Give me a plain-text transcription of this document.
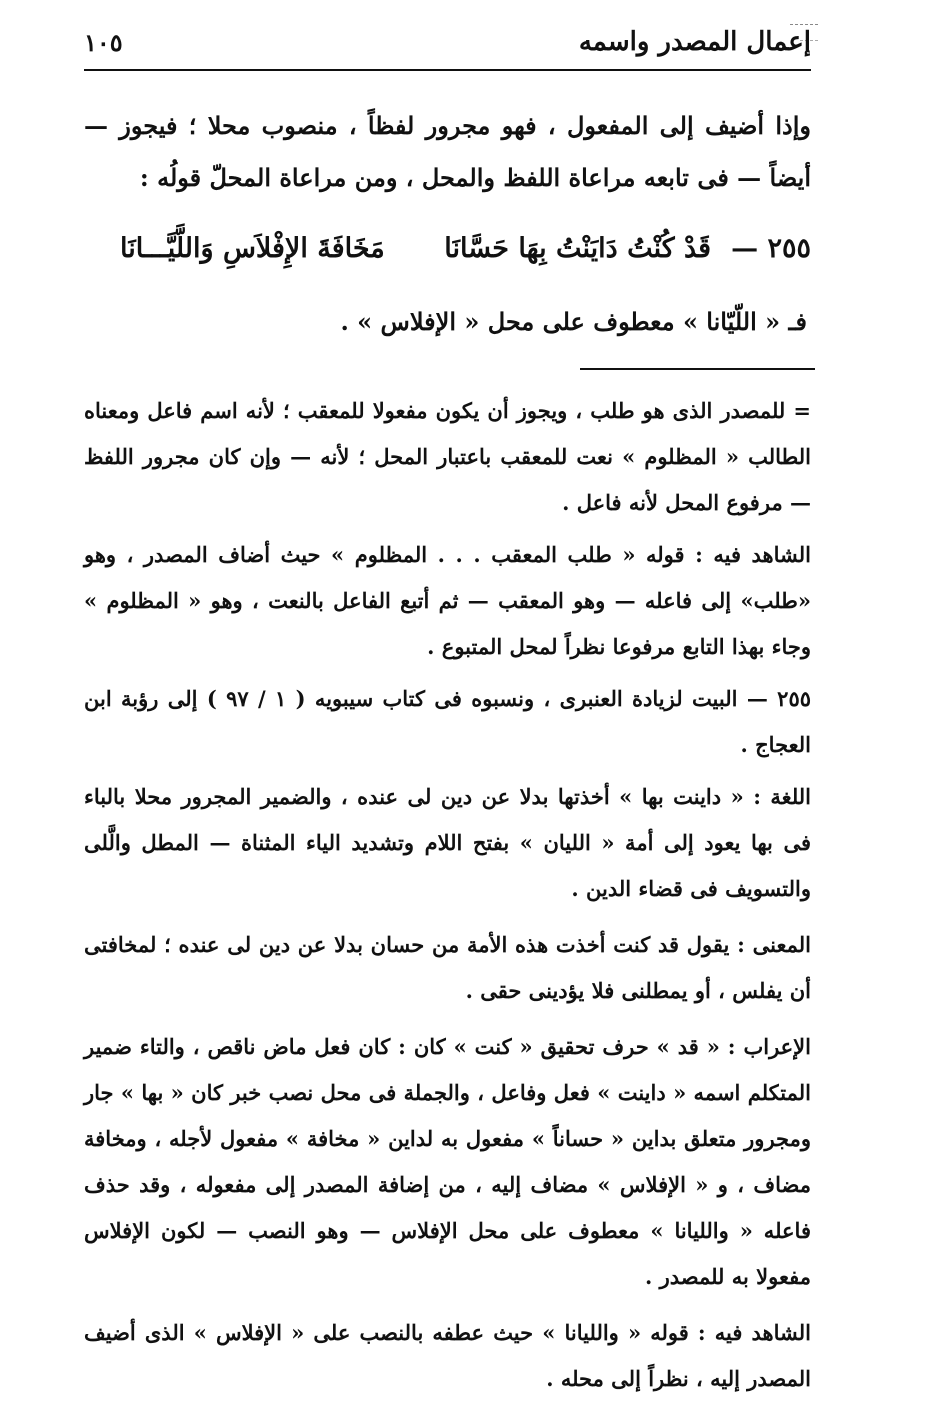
إعمال المصدر واسمه
١٠٥

وإذا أضيف إلى المفعول ، فهو مجرور لفظاً ، منصوب محلا ؛ فيجوز — أيضاً — فى تابعه مراعاة اللفظ والمحل ، ومن مراعاة المحلّ قولُه :

٢٥٥ —
قَدْ كُنْتُ دَايَنْتُ بِهَا حَسَّانَا
مَخَافَةَ الإِفْلاَسِ وَاللَّيَّـــانَا
فـ « اللّيّانا » معطوف على محل « الإفلاس » .

= للمصدر الذى هو طلب ، ويجوز أن يكون مفعولا للمعقب ؛ لأنه اسم فاعل ومعناه الطالب « المظلوم » نعت للمعقب باعتبار المحل ؛ لأنه — وإن كان مجرور اللفظ — مرفوع المحل لأنه فاعل .

الشاهد فيه : قوله « طلب المعقب . . . المظلوم » حيث أضاف المصدر ، وهو «طلب» إلى فاعله — وهو المعقب — ثم أتبع الفاعل بالنعت ، وهو « المظلوم » وجاء بهذا التابع مرفوعا نظراً لمحل المتبوع .

٢٥٥ — البيت لزيادة العنبرى ، ونسبوه فى كتاب سيبويه ( ١ / ٩٧ ) إلى رؤبة ابن العجاج .

اللغة : « داينت بها » أخذتها بدلا عن دين لى عنده ، والضمير المجرور محلا بالباء فى بها يعود إلى أمة « الليان » بفتح اللام وتشديد الياء المثناة — المطل والَّلى والتسويف فى قضاء الدين .

المعنى : يقول قد كنت أخذت هذه الأمة من حسان بدلا عن دين لى عنده ؛ لمخافتى أن يفلس ، أو يمطلنى فلا يؤدينى حقى .

الإعراب : « قد » حرف تحقيق « كنت » كان : كان فعل ماض ناقص ، والتاء ضمير المتكلم اسمه « داينت » فعل وفاعل ، والجملة فى محل نصب خبر كان « بها » جار ومجرور متعلق بداين « حساناً » مفعول به لداين « مخافة » مفعول لأجله ، ومخافة مضاف ، و « الإفلاس » مضاف إليه ، من إضافة المصدر إلى مفعوله ، وقد حذف فاعله « والليانا » معطوف على محل الإفلاس — وهو النصب — لكون الإفلاس مفعولا به للمصدر .

الشاهد فيه : قوله « والليانا » حيث عطفه بالنصب على « الإفلاس » الذى أضيف المصدر إليه ، نظراً إلى محله .
